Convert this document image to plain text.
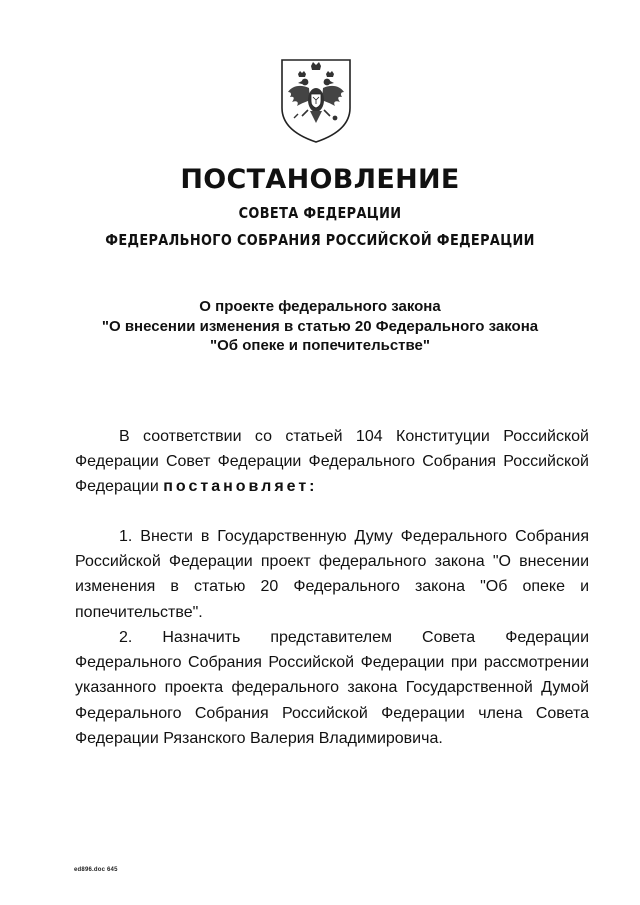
ПОСТАНОВЛЕНИЕ
СОВЕТА ФЕДЕРАЦИИ
ФЕДЕРАЛЬНОГО СОБРАНИЯ РОССИЙСКОЙ ФЕДЕРАЦИИ
О проекте федерального закона
"О внесении изменения в статью 20 Федерального закона
"Об опеке и попечительстве"

В соответствии со статьей 104 Конституции Российской Федерации Совет Федерации Федерального Собрания Российской Федерации постановляет:

1. Внести в Государственную Думу Федерального Собрания Российской Федерации проект федерального закона "О внесении изменения в статью 20 Федерального закона "Об опеке и попечительстве".

2. Назначить представителем Совета Федерации Федерального Собрания Российской Федерации при рассмотрении указанного проекта федерального закона Государственной Думой Федерального Собрания Российской Федерации члена Совета Федерации Рязанского Валерия Владимировича.

ed896.doc 645
